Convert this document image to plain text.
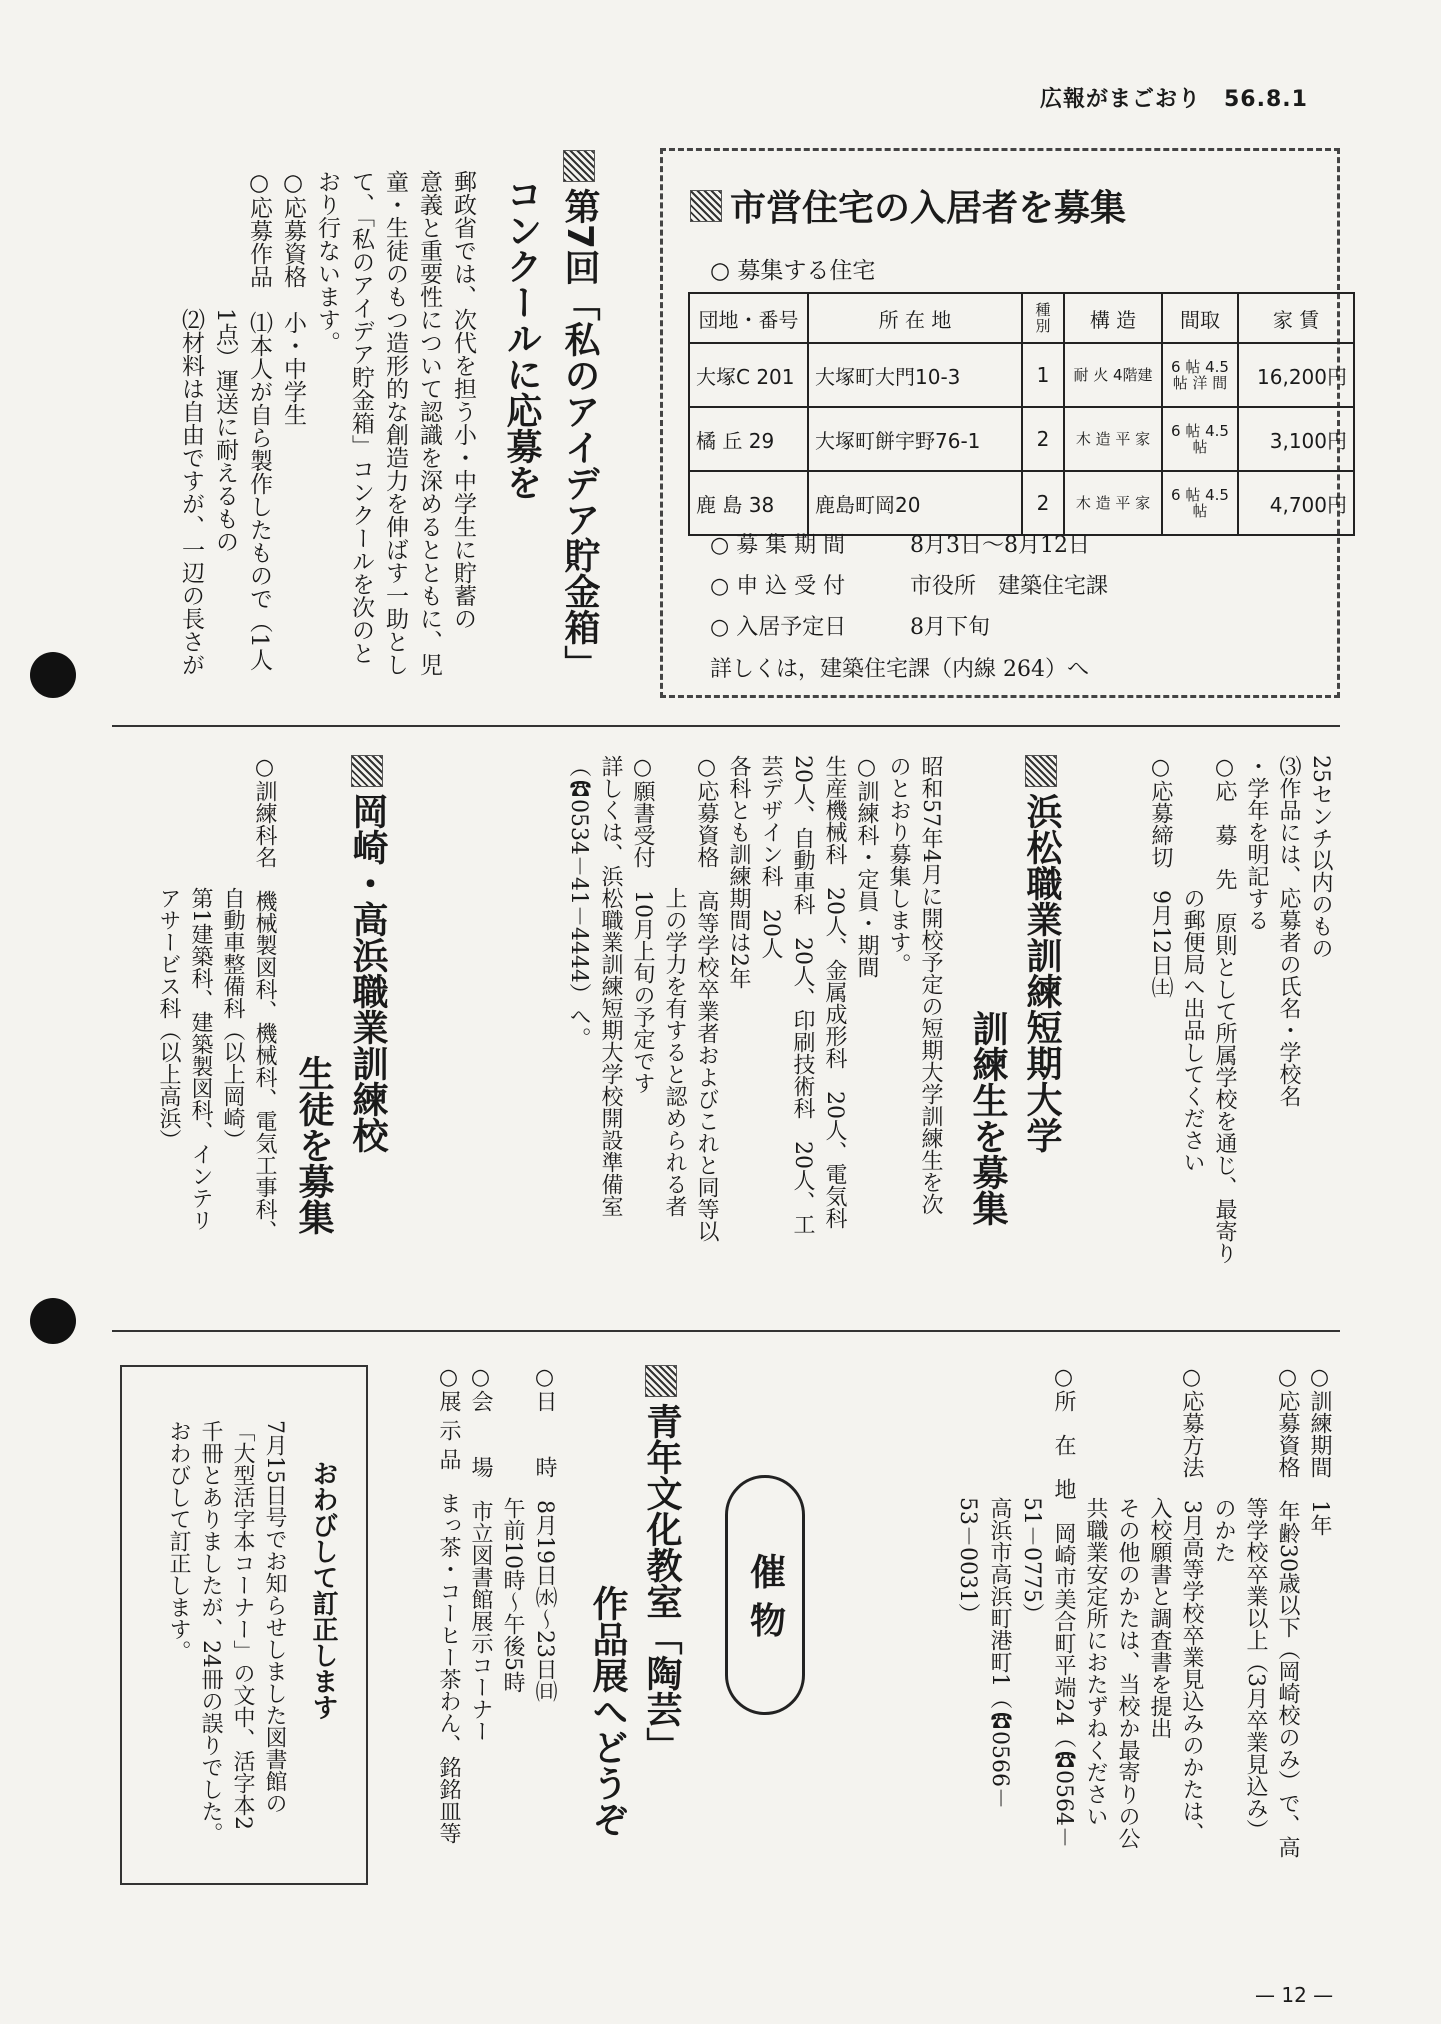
広報がまごおり　56.8.1
市営住宅の入居者を募集
○ 募集する住宅
団地・番号	所 在 地	種別	構 造	間取	家 賃
大塚C 201	大塚町大門10-3	1	耐 火 4階建	6 帖 4.5帖 洋 間	16,200円
橘 丘 29	大塚町餅宇野76-1	2	木 造 平 家	6 帖 4.5帖	3,100円
鹿 島 38	鹿島町岡20	2	木 造 平 家	6 帖 4.5帖	4,700円
○ 募 集 期 間	8月3日～8月12日
○ 申 込 受 付	市役所　建築住宅課
○ 入居予定日	8月下旬
詳しくは，建築住宅課（内線 264）へ
第7回「私のアイデア貯金箱」
コンクールに応募を

郵政省では、次代を担う小・中学生に貯蓄の

意義と重要性について認識を深めるとともに、児

童・生徒のもつ造形的な創造力を伸ばす一助とし

て、「私のアイデア貯金箱」コンクールを次のと

おり行ないます。

○応募資格　小・中学生

○応募作品　⑴本人が自ら製作したもので（1人

　　　　　　1点）運送に耐えるもの

　　　　　　⑵材料は自由ですが、一辺の長さが

25センチ以内のもの

⑶作品には、応募者の氏名・学校名

・学年を明記する

○応　募　先　原則として所属学校を通じ、最寄り

　　　　　　の郵便局へ出品してください

○応募締切　9月12日㈯

浜松職業訓練短期大学
訓練生を募集

昭和57年4月に開校予定の短期大学訓練生を次

のとおり募集します。

○訓練科・定員・期間

生産機械科　20人、金属成形科　20人、電気科

20人、自動車科　20人、印刷技術科　20人、工

芸デザイン科　20人

各科とも訓練期間は2年

○応募資格　高等学校卒業者およびこれと同等以

　　　　　　上の学力を有すると認められる者

○願書受付　10月上旬の予定です

詳しくは、浜松職業訓練短期大学校開設準備室

（☎0534－41－4444）へ。

岡崎・高浜職業訓練校
生徒を募集

○訓練科名　機械製図科、機械科、電気工事科、

　　　　　　自動車整備科（以上岡崎）

　　　　　　第1建築科、建築製図科、インテリ

　　　　　　アサービス科（以上高浜）

○訓練期間　1年

○応募資格　年齢30歳以下（岡崎校のみ）で、高

　　　　　　等学校卒業以上（3月卒業見込み）

　　　　　　のかた

○応募方法　3月高等学校卒業見込みのかたは、

　　　　　　入校願書と調査書を提出

　　　　　　その他のかたは、当校か最寄りの公

　　　　　　共職業安定所におたずねください

○所　在　地　岡崎市美合町平端24（☎0564－

　　　　　　51－0775）

　　　　　　高浜市高浜町港町1（☎0566－

　　　　　　53－0031）

催 物
青年文化教室「陶芸」
作品展へどうぞ

○日　　時　8月19日㈬～23日㈰

　　　　　　午前10時～午後5時

○会　　場　市立図書館展示コーナー

○展 示 品　まっ茶・コーヒー茶わん、銘銘皿等

おわびして訂正します

7月15日号でお知らせしました図書館の

「大型活字本コーナー」の文中、活字本2

千冊とありましたが、24冊の誤りでした。

おわびして訂正します。

— 12 —
